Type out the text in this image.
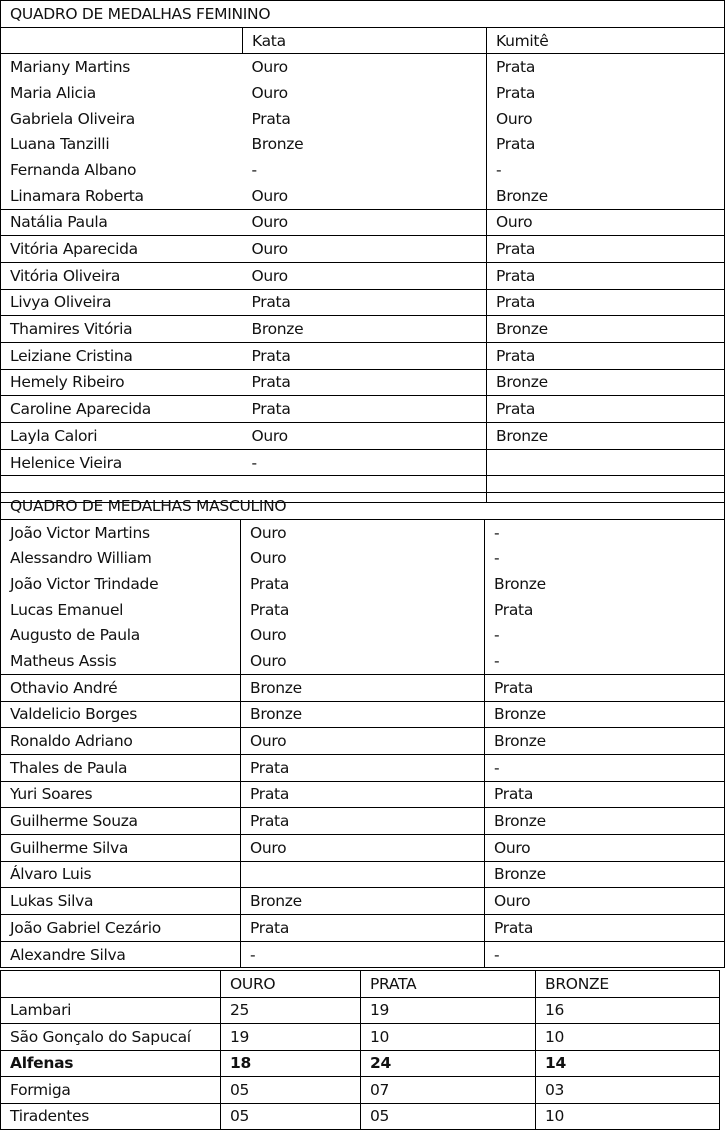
QUADRO DE MEDALHAS FEMININO		
	Kata	Kumitê
Mariany Martins	Ouro	Prata
Maria Alicia	Ouro	Prata
Gabriela Oliveira	Prata	Ouro
Luana Tanzilli	Bronze	Prata
Fernanda Albano	-	-
Linamara Roberta	Ouro	Bronze
Natália Paula	Ouro	Ouro
Vitória Aparecida	Ouro	Prata
Vitória Oliveira	Ouro	Prata
Livya Oliveira	Prata	Prata
Thamires Vitória	Bronze	Bronze
Leiziane Cristina	Prata	Prata
Hemely Ribeiro	Prata	Bronze
Caroline Aparecida	Prata	Prata
Layla Calori	Ouro	Bronze
Helenice Vieira	-	

QUADRO DE MEDALHAS MASCULINO		
João Victor Martins	Ouro	-
Alessandro William	Ouro	-
João Victor Trindade	Prata	Bronze
Lucas Emanuel	Prata	Prata
Augusto de Paula	Ouro	-
Matheus Assis	Ouro	-
Othavio André	Bronze	Prata
Valdelicio Borges	Bronze	Bronze
Ronaldo Adriano	Ouro	Bronze
Thales de Paula	Prata	-
Yuri Soares	Prata	Prata
Guilherme Souza	Prata	Bronze
Guilherme Silva	Ouro	Ouro
Álvaro Luis		Bronze
Lukas Silva	Bronze	Ouro
João Gabriel Cezário	Prata	Prata
Alexandre Silva	-	-
	OURO	PRATA	BRONZE
Lambari	25	19	16
São Gonçalo do Sapucaí	19	10	10
Alfenas	18	24	14
Formiga	05	07	03
Tiradentes	05	05	10
